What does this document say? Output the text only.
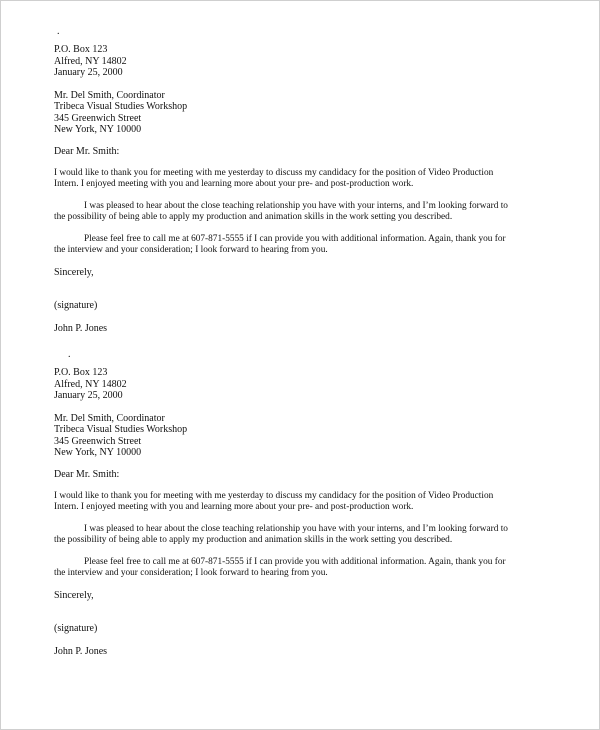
.
P.O. Box 123
Alfred, NY 14802
January 25, 2000
Mr. Del Smith, Coordinator
Tribeca Visual Studies Workshop
345 Greenwich Street
New York, NY 10000
Dear Mr. Smith:
I would like to thank you for meeting with me yesterday to discuss my candidacy for the position of Video Production
Intern. I enjoyed meeting with you and learning more about your pre- and post-production work.
I was pleased to hear about the close teaching relationship you have with your interns, and I’m looking forward to
the possibility of being able to apply my production and animation skills in the work setting you described.
Please feel free to call me at 607-871-5555 if I can provide you with additional information. Again, thank you for
the interview and your consideration; I look forward to hearing from you.
Sincerely,
(signature)
John P. Jones
.
P.O. Box 123
Alfred, NY 14802
January 25, 2000
Mr. Del Smith, Coordinator
Tribeca Visual Studies Workshop
345 Greenwich Street
New York, NY 10000
Dear Mr. Smith:
I would like to thank you for meeting with me yesterday to discuss my candidacy for the position of Video Production
Intern. I enjoyed meeting with you and learning more about your pre- and post-production work.
I was pleased to hear about the close teaching relationship you have with your interns, and I’m looking forward to
the possibility of being able to apply my production and animation skills in the work setting you described.
Please feel free to call me at 607-871-5555 if I can provide you with additional information. Again, thank you for
the interview and your consideration; I look forward to hearing from you.
Sincerely,
(signature)
John P. Jones
